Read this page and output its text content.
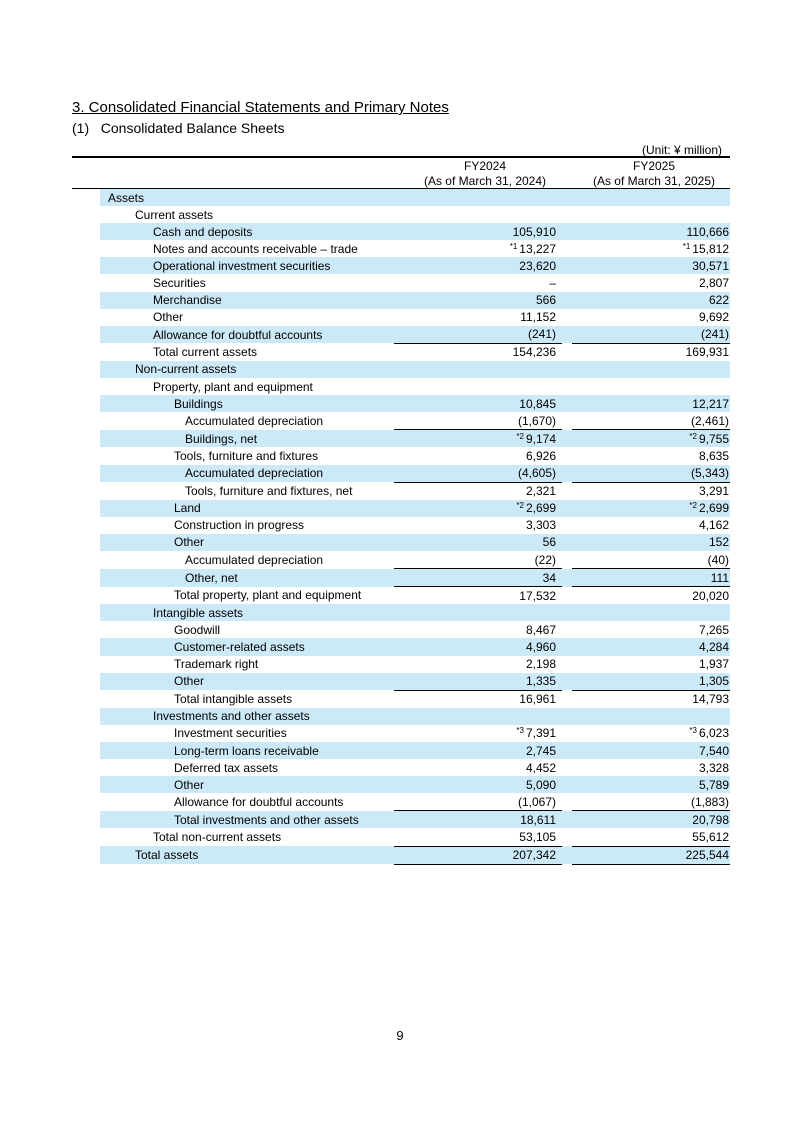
3. Consolidated Financial Statements and Primary Notes
(1)   Consolidated Balance Sheets
(Unit: ¥ million)
FY2024
(As of March 31, 2024)
FY2025
(As of March 31, 2025)
	Assets			
	Current assets			
	Cash and deposits	105,910		110,666
	Notes and accounts receivable – trade	$^{*1}$ 13,227		$^{*1}$ 15,812
	Operational investment securities	23,620		30,571
	Securities	–		2,807
	Merchandise	566		622
	Other	11,152		9,692
	Allowance for doubtful accounts	(241)		(241)
	Total current assets	154,236		169,931
	Non-current assets			
	Property, plant and equipment			
	Buildings	10,845		12,217
	Accumulated depreciation	(1,670)		(2,461)
	Buildings, net	$^{*2}$ 9,174		$^{*2}$ 9,755
	Tools, furniture and fixtures	6,926		8,635
	Accumulated depreciation	(4,605)		(5,343)
	Tools, furniture and fixtures, net	2,321		3,291
	Land	$^{*2}$ 2,699		$^{*2}$ 2,699
	Construction in progress	3,303		4,162
	Other	56		152
	Accumulated depreciation	(22)		(40)
	Other, net	34		111
	Total property, plant and equipment	17,532		20,020
	Intangible assets			
	Goodwill	8,467		7,265
	Customer-related assets	4,960		4,284
	Trademark right	2,198		1,937
	Other	1,335		1,305
	Total intangible assets	16,961		14,793
	Investments and other assets			
	Investment securities	$^{*3}$ 7,391		$^{*3}$ 6,023
	Long-term loans receivable	2,745		7,540
	Deferred tax assets	4,452		3,328
	Other	5,090		5,789
	Allowance for doubtful accounts	(1,067)		(1,883)
	Total investments and other assets	18,611		20,798
	Total non-current assets	53,105		55,612
	Total assets	207,342		225,544
9
